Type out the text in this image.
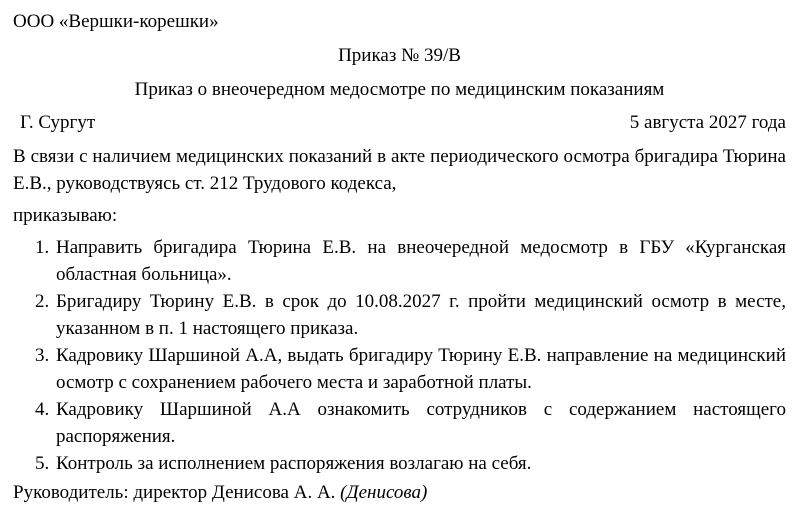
ООО «Вершки-корешки»

Приказ № 39/В

Приказ о внеочередном медосмотре по медицинским показаниям

Г. Сургут	5 августа 2027 года

В связи с наличием медицинских показаний в акте периодического осмотра бригадира Тюрина Е.В., руководствуясь ст. 212 Трудового кодекса,

приказываю:

1. Направить бригадира Тюрина Е.В. на внеочередной медосмотр в ГБУ «Курганская областная больница».
2. Бригадиру Тюрину Е.В. в срок до 10.08.2027 г. пройти медицинский осмотр в месте, указанном в п. 1 настоящего приказа.
3. Кадровику Шаршиной А.А, выдать бригадиру Тюрину Е.В. направление на медицинский осмотр с сохранением рабочего места и заработной платы.
4. Кадровику Шаршиной А.А ознакомить сотрудников с содержанием настоящего распоряжения.
5. Контроль за исполнением распоряжения возлагаю на себя.

Руководитель: директор Денисова А. А. (Денисова)
